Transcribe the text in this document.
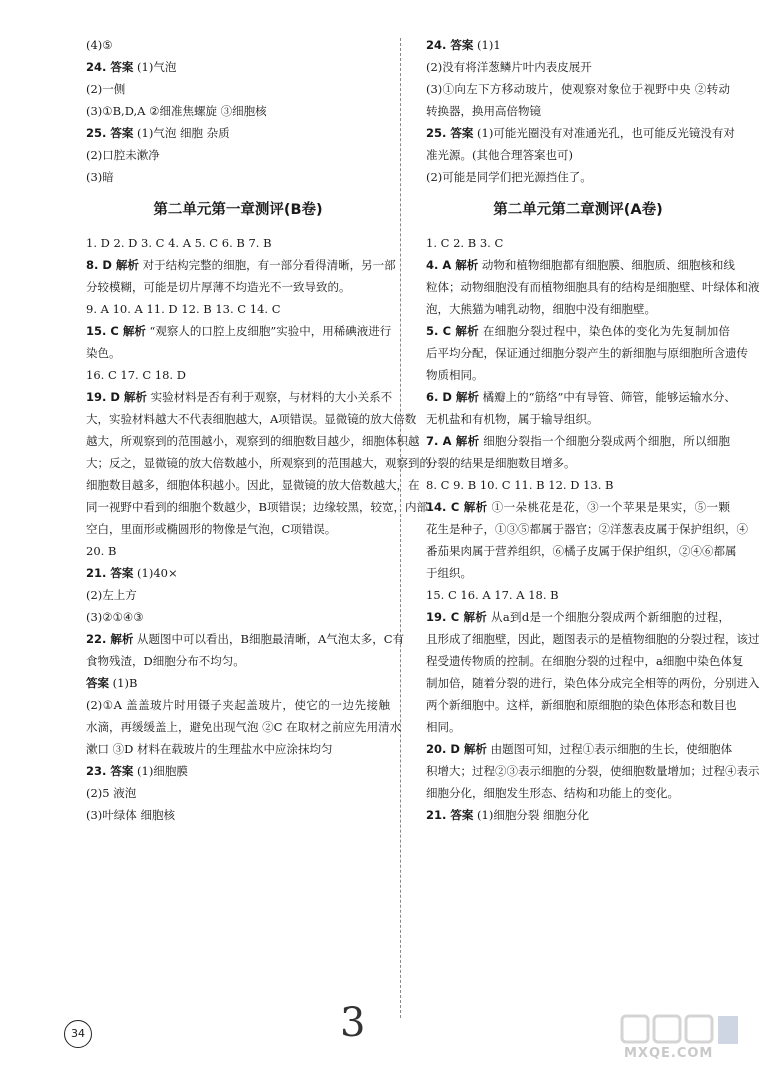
(4)⑤
24. 答案 (1)气泡
(2)一侧
(3)①B,D,A ②细准焦螺旋 ③细胞核
25. 答案 (1)气泡 细胞 杂质
(2)口腔未漱净
(3)暗
第二单元第一章测评(B卷)
1. D 2. D 3. C 4. A 5. C 6. B 7. B
8. D 解析 对于结构完整的细胞，有一部分看得清晰，另一部
分较模糊，可能是切片厚薄不均造光不一致导致的。
9. A 10. A 11. D 12. B 13. C 14. C
15. C 解析 “观察人的口腔上皮细胞”实验中，用稀碘液进行
染色。
16. C 17. C 18. D
19. D 解析 实验材料是否有利于观察，与材料的大小关系不
大，实验材料越大不代表细胞越大，A项错误。显微镜的放大倍数
越大，所观察到的范围越小，观察到的细胞数目越少，细胞体积越
大；反之，显微镜的放大倍数越小，所观察到的范围越大，观察到的
细胞数目越多，细胞体积越小。因此，显微镜的放大倍数越大，在
同一视野中看到的细胞个数越少，B项错误；边缘较黑，较宽，内部
空白，里面形或椭圆形的物像是气泡，C项错误。
20. B
21. 答案 (1)40×
(2)左上方
(3)②①④③
22. 解析 从题图中可以看出，B细胞最清晰，A气泡太多，C有
食物残渣，D细胞分布不均匀。
答案 (1)B
(2)①A 盖盖玻片时用镊子夹起盖玻片，使它的一边先接触
水滴，再缓缓盖上，避免出现气泡 ②C 在取材之前应先用清水
漱口 ③D 材料在载玻片的生理盐水中应涂抹均匀
23. 答案 (1)细胞膜
(2)5 液泡
(3)叶绿体 细胞核
24. 答案 (1)1
(2)没有将洋葱鳞片叶内表皮展开
(3)①向左下方移动玻片，使观察对象位于视野中央 ②转动
转换器，换用高倍物镜
25. 答案 (1)可能光圈没有对准通光孔，也可能反光镜没有对
准光源。(其他合理答案也可)
(2)可能是同学们把光源挡住了。
第二单元第二章测评(A卷)
1. C 2. B 3. C
4. A 解析 动物和植物细胞都有细胞膜、细胞质、细胞核和线
粒体；动物细胞没有而植物细胞具有的结构是细胞壁、叶绿体和液
泡，大熊猫为哺乳动物，细胞中没有细胞壁。
5. C 解析 在细胞分裂过程中，染色体的变化为先复制加倍
后平均分配，保证通过细胞分裂产生的新细胞与原细胞所含遗传
物质相同。
6. D 解析 橘瓣上的“筋络”中有导管、筛管，能够运输水分、
无机盐和有机物，属于输导组织。
7. A 解析 细胞分裂指一个细胞分裂成两个细胞，所以细胞
分裂的结果是细胞数目增多。
8. C 9. B 10. C 11. B 12. D 13. B
14. C 解析 ①一朵桃花是花，③一个苹果是果实，⑤一颗
花生是种子，①③⑤都属于器官；②洋葱表皮属于保护组织，④
番茄果肉属于营养组织，⑥橘子皮属于保护组织，②④⑥都属
于组织。
15. C 16. A 17. A 18. B
19. C 解析 从a到d是一个细胞分裂成两个新细胞的过程，
且形成了细胞壁，因此，题图表示的是植物细胞的分裂过程，该过
程受遗传物质的控制。在细胞分裂的过程中，a细胞中染色体复
制加倍，随着分裂的进行，染色体分成完全相等的两份，分别进入
两个新细胞中。这样，新细胞和原细胞的染色体形态和数目也
相同。
20. D 解析 由题图可知，过程①表示细胞的生长，使细胞体
积增大；过程②③表示细胞的分裂，使细胞数量增加；过程④表示
细胞分化，细胞发生形态、结构和功能上的变化。
21. 答案 (1)细胞分裂 细胞分化
34	3
MXQE.COM
